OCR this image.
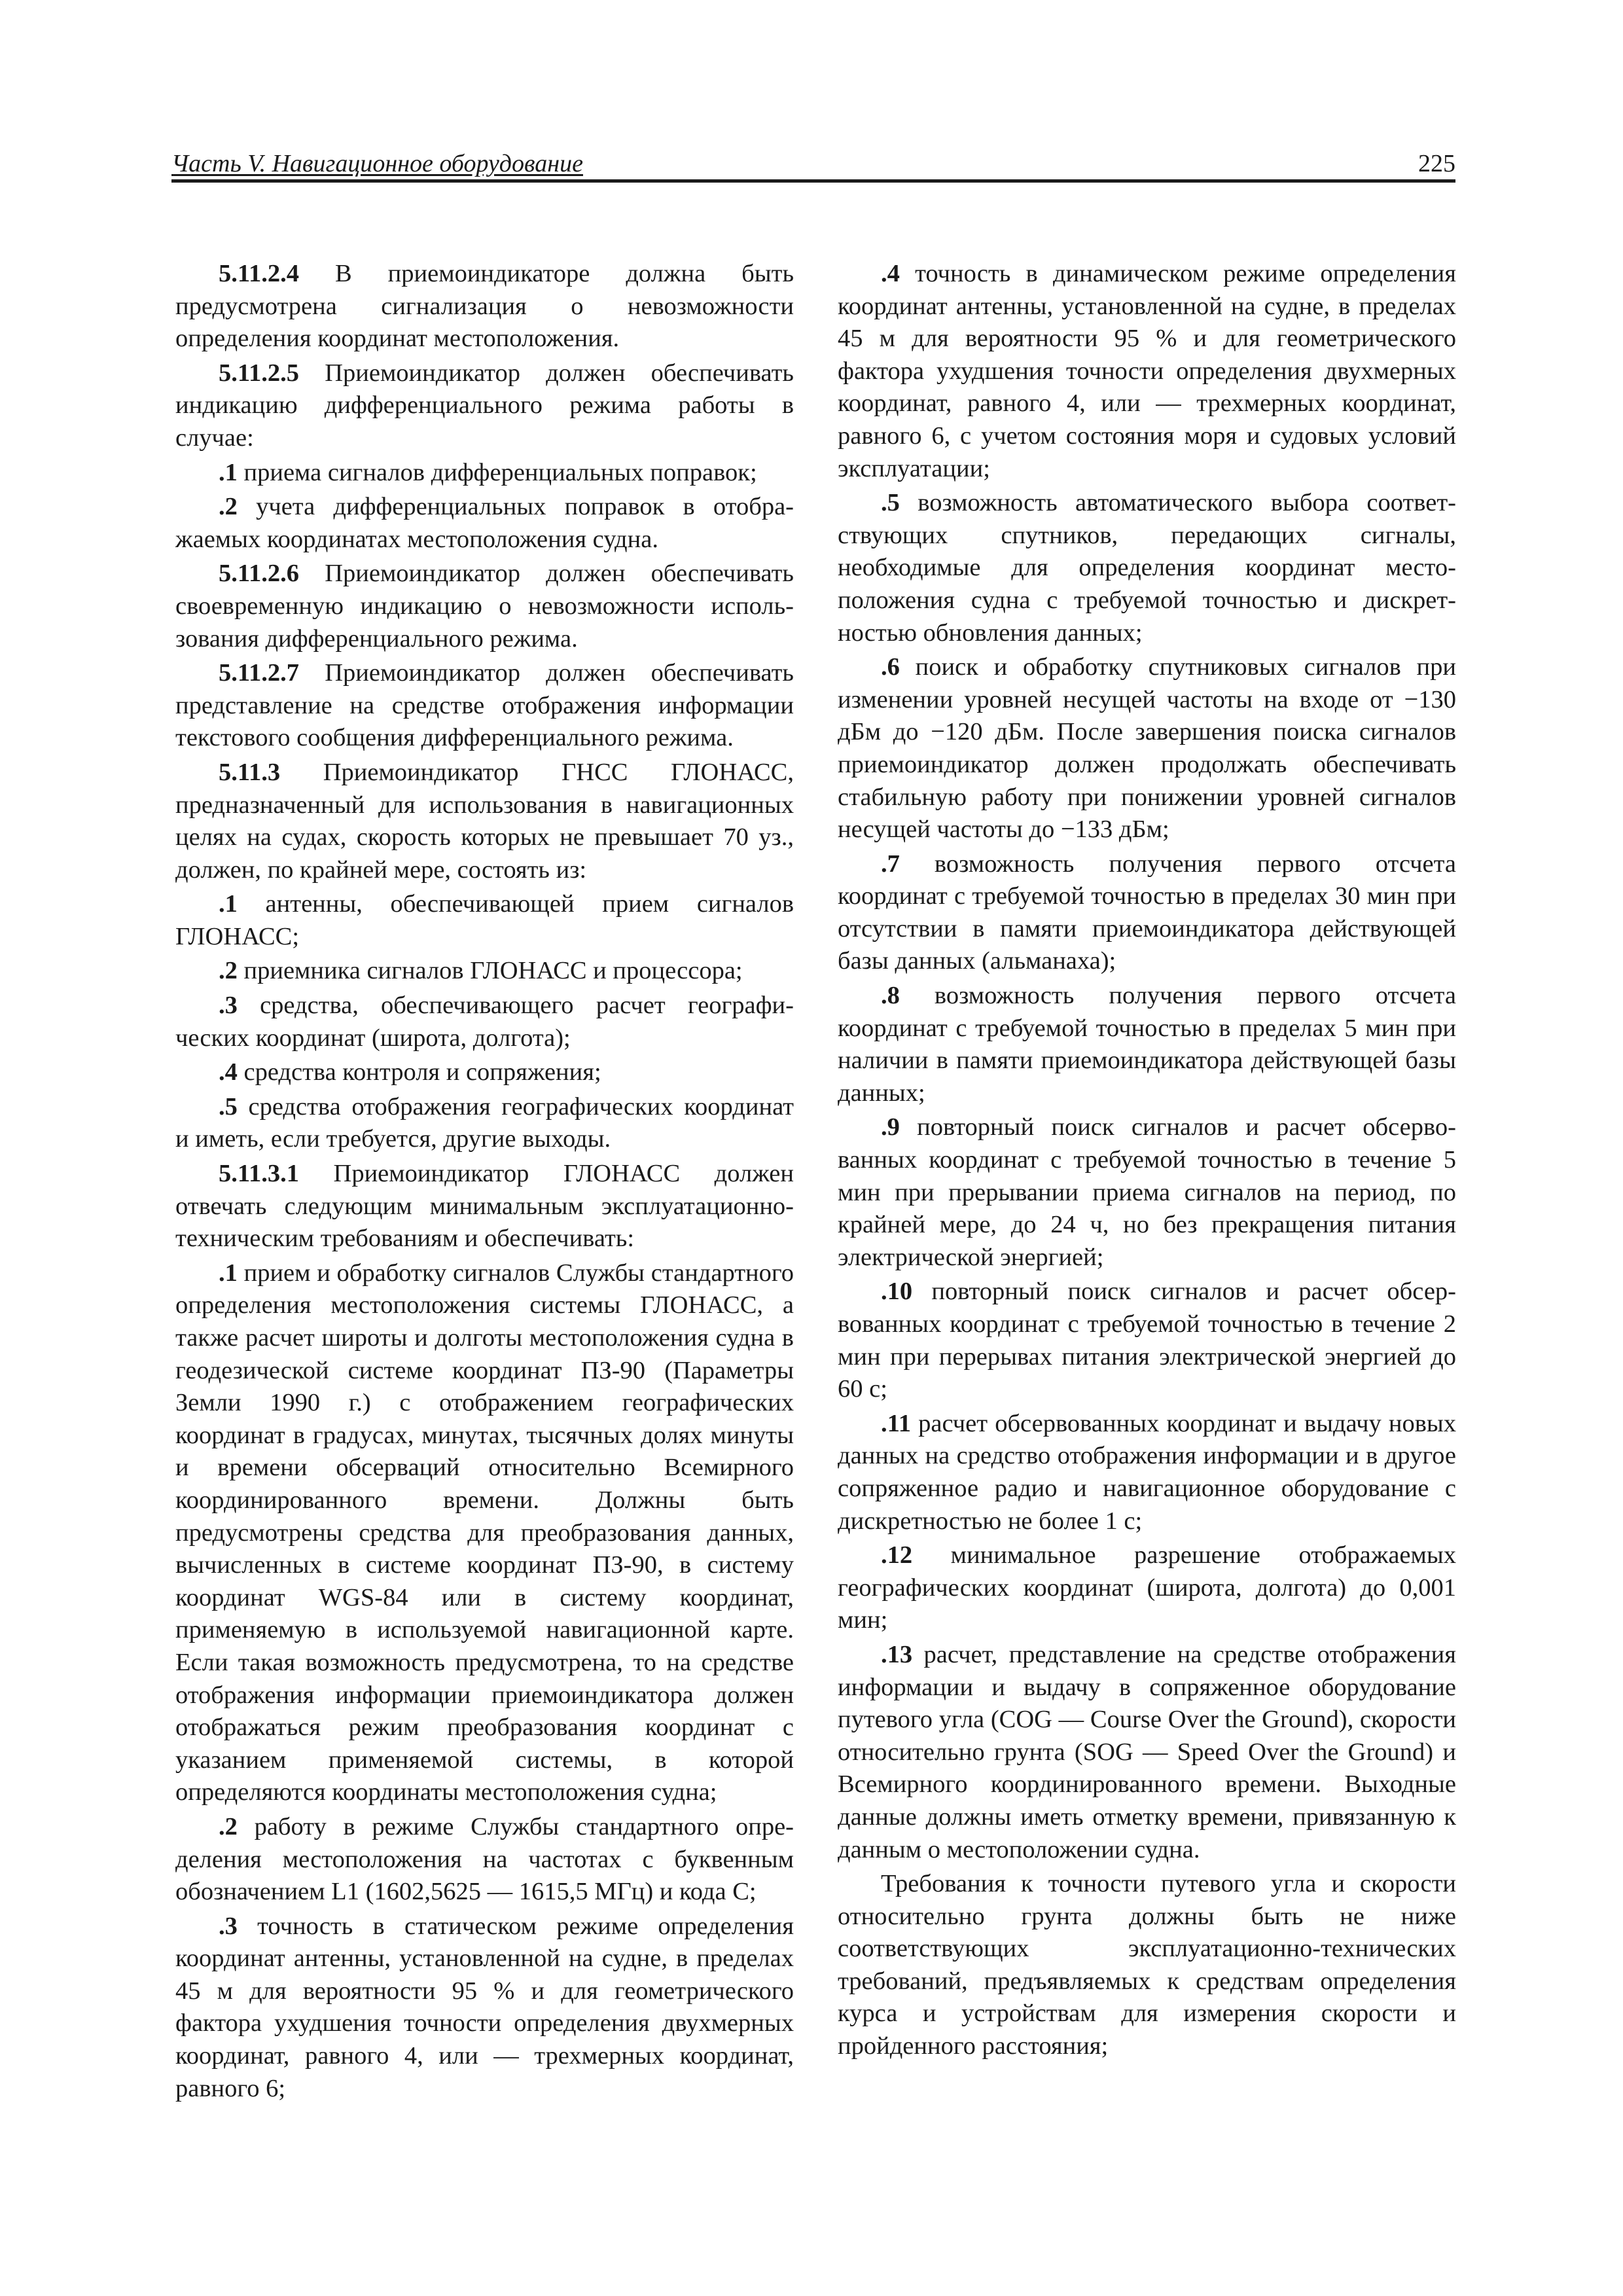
Часть V. Навигационное оборудование	225

5.11.2.4 В приемоиндикаторе должна быть предусмотрена сигнализация о невозможности определения координат местоположения.

5.11.2.5 Приемоиндикатор должен обеспечивать индикацию дифференциального режима работы в случае:

.1 приема сигналов дифференциальных поправок;

.2 учета дифференциальных поправок в отображаемых координатах местоположения судна.

5.11.2.6 Приемоиндикатор должен обеспечивать своевременную индикацию о невозможности использования дифференциального режима.

5.11.2.7 Приемоиндикатор должен обеспечивать представление на средстве отображения информации текстового сообщения дифференциального режима.

5.11.3 Приемоиндикатор ГНСС ГЛОНАСС, предназначенный для использования в навигационных целях на судах, скорость которых не превышает 70 уз., должен, по крайней мере, состоять из:

.1 антенны, обеспечивающей прием сигналов ГЛОНАСС;

.2 приемника сигналов ГЛОНАСС и процессора;

.3 средства, обеспечивающего расчет географических координат (широта, долгота);

.4 средства контроля и сопряжения;

.5 средства отображения географических координат и иметь, если требуется, другие выходы.

5.11.3.1 Приемоиндикатор ГЛОНАСС должен отвечать следующим минимальным эксплуатационно-техническим требованиям и обеспечивать:

.1 прием и обработку сигналов Службы стандартного определения местоположения системы ГЛОНАСС, а также расчет широты и долготы местоположения судна в геодезической системе координат ПЗ-90 (Параметры Земли 1990 г.) с отображением географических координат в градусах, минутах, тысячных долях минуты и времени обсерваций относительно Всемирного координированного времени. Должны быть предусмотрены средства для преобразования данных, вычисленных в системе координат ПЗ-90, в систему координат WGS-84 или в систему координат, применяемую в используемой навигационной карте. Если такая возможность предусмотрена, то на средстве отображения информации приемоиндикатора должен отображаться режим преобразования координат с указанием применяемой системы, в которой определяются координаты местоположения судна;

.2 работу в режиме Службы стандартного определения местоположения на частотах с буквенным обозначением L1 (1602,5625 — 1615,5 МГц) и кода С;

.3 точность в статическом режиме определения координат антенны, установленной на судне, в пределах 45 м для вероятности 95 % и для геометрического фактора ухудшения точности определения двухмерных координат, равного 4, или — трехмерных координат, равного 6;

.4 точность в динамическом режиме определения координат антенны, установленной на судне, в пределах 45 м для вероятности 95 % и для геометрического фактора ухудшения точности определения двухмерных координат, равного 4, или — трехмерных координат, равного 6, с учетом состояния моря и судовых условий эксплуатации;

.5 возможность автоматического выбора соответствующих спутников, передающих сигналы, необходимые для определения координат местоположения судна с требуемой точностью и дискретностью обновления данных;

.6 поиск и обработку спутниковых сигналов при изменении уровней несущей частоты на входе от −130 дБм до −120 дБм. После завершения поиска сигналов приемоиндикатор должен продолжать обеспечивать стабильную работу при понижении уровней сигналов несущей частоты до −133 дБм;

.7 возможность получения первого отсчета координат с требуемой точностью в пределах 30 мин при отсутствии в памяти приемоиндикатора действующей базы данных (альманаха);

.8 возможность получения первого отсчета координат с требуемой точностью в пределах 5 мин при наличии в памяти приемоиндикатора действующей базы данных;

.9 повторный поиск сигналов и расчет обсервованных координат с требуемой точностью в течение 5 мин при прерывании приема сигналов на период, по крайней мере, до 24 ч, но без прекращения питания электрической энергией;

.10 повторный поиск сигналов и расчет обсервованных координат с требуемой точностью в течение 2 мин при перерывах питания электрической энергией до 60 с;

.11 расчет обсервованных координат и выдачу новых данных на средство отображения информации и в другое сопряженное радио и навигационное оборудование с дискретностью не более 1 с;

.12 минимальное разрешение отображаемых географических координат (широта, долгота) до 0,001 мин;

.13 расчет, представление на средстве отображения информации и выдачу в сопряженное оборудование путевого угла (COG — Course Over the Ground), скорости относительно грунта (SOG — Speed Over the Ground) и Всемирного координированного времени. Выходные данные должны иметь отметку времени, привязанную к данным о местоположении судна.

Требования к точности путевого угла и скорости относительно грунта должны быть не ниже соответствующих эксплуатационно-технических требований, предъявляемых к средствам определения курса и устройствам для измерения скорости и пройденного расстояния;
